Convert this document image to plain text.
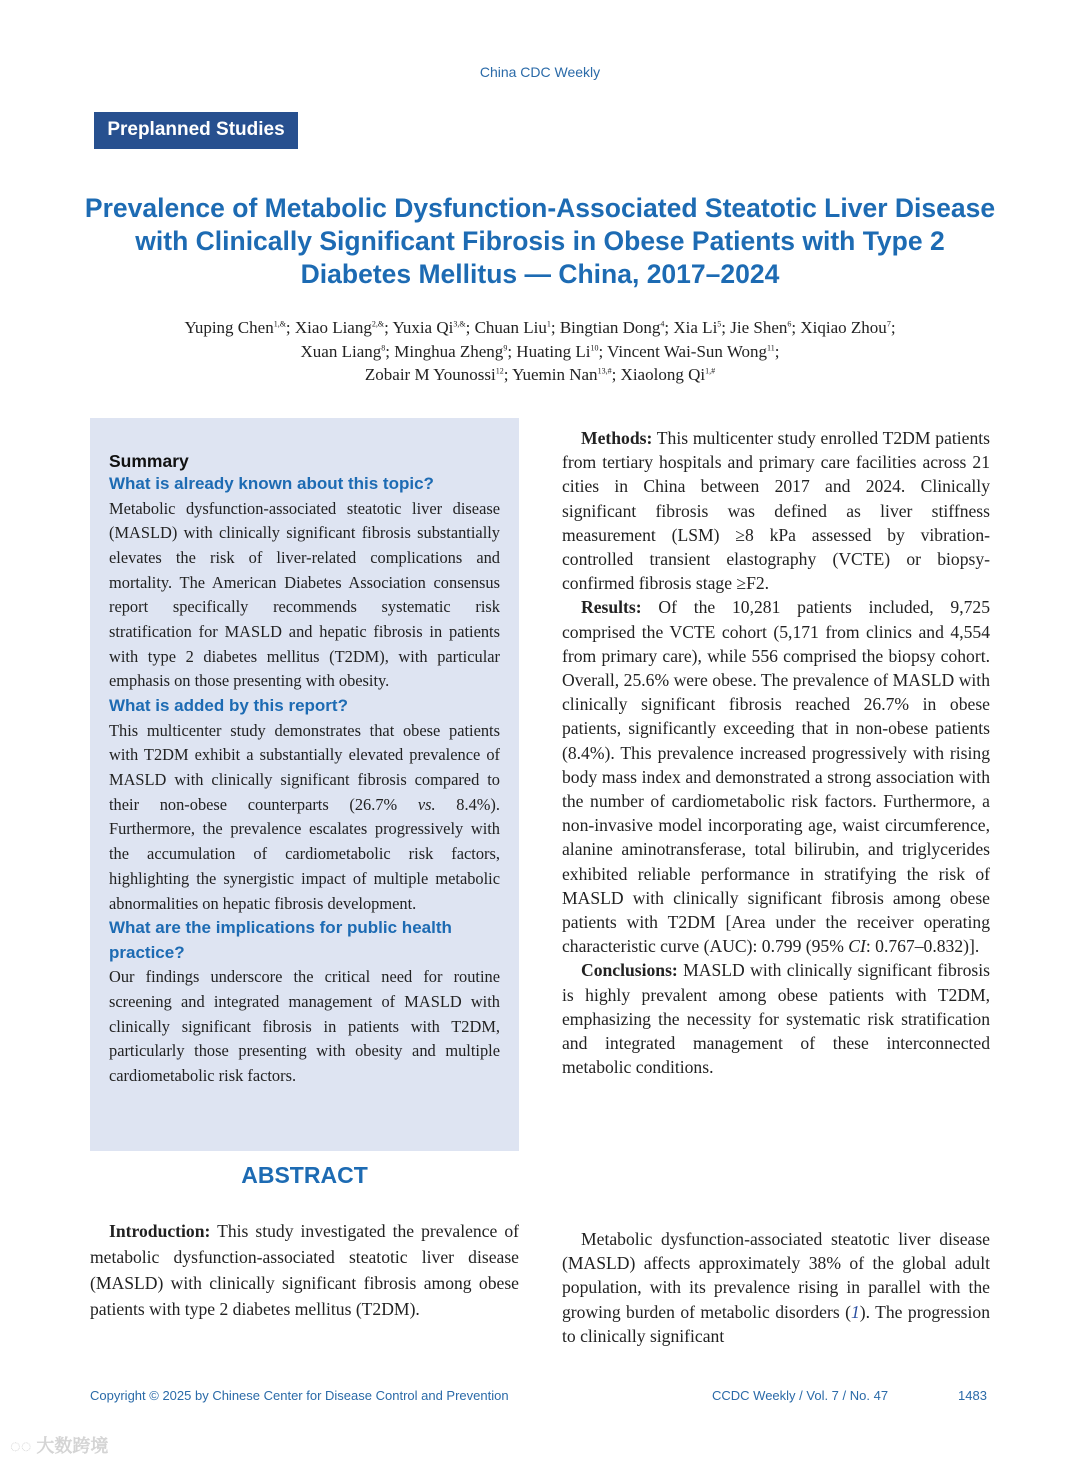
China CDC Weekly
Preplanned Studies
Prevalence of Metabolic Dysfunction-Associated Steatotic Liver Disease with Clinically Significant Fibrosis in Obese Patients with Type 2 Diabetes Mellitus — China, 2017–2024
Yuping Chen$^{1,\&}$; Xiao Liang$^{2,\&}$; Yuxia $Qi^{3,\&}$; Chuan Liu$^1$; Bingtian Dong$^4$; Xia Li$^5$; Jie Shen$^6$; Xiqiao Zhou$^7$;
Xuan Liang$^8$; Minghua Zheng$^9$; Huating Li$^{10}$; Vincent Wai-Sun Wong$^{11}$;
Zobair M Younossi$^{12}$; Yuemin Nan$^{13,\#}$; Xiaolong $Qi^{1,\#}$
Summary
What is already known about this topic?
Metabolic dysfunction-associated steatotic liver disease (MASLD) with clinically significant fibrosis substantially elevates the risk of liver-related complications and mortality. The American Diabetes Association consensus report specifically recommends systematic risk stratification for MASLD and hepatic fibrosis in patients with type 2 diabetes mellitus (T2DM), with particular emphasis on those presenting with obesity.
What is added by this report?
This multicenter study demonstrates that obese patients with T2DM exhibit a substantially elevated prevalence of MASLD with clinically significant fibrosis compared to their non-obese counterparts (26.7% vs. 8.4%). Furthermore, the prevalence escalates progressively with the accumulation of cardiometabolic risk factors, highlighting the synergistic impact of multiple metabolic abnormalities on hepatic fibrosis development.
What are the implications for public health practice?
Our findings underscore the critical need for routine screening and integrated management of MASLD with clinically significant fibrosis in patients with T2DM, particularly those presenting with obesity and multiple cardiometabolic risk factors.
ABSTRACT

Introduction: This study investigated the prevalence of metabolic dysfunction-associated steatotic liver disease (MASLD) with clinically significant fibrosis among obese patients with type 2 diabetes mellitus (T2DM).

Methods: This multicenter study enrolled T2DM patients from tertiary hospitals and primary care facilities across 21 cities in China between 2017 and 2024. Clinically significant fibrosis was defined as liver stiffness measurement (LSM) ≥8 kPa assessed by vibration-controlled transient elastography (VCTE) or biopsy-confirmed fibrosis stage ≥F2.

Results: Of the 10,281 patients included, 9,725 comprised the VCTE cohort (5,171 from clinics and 4,554 from primary care), while 556 comprised the biopsy cohort. Overall, 25.6% were obese. The prevalence of MASLD with clinically significant fibrosis reached 26.7% in obese patients, significantly exceeding that in non-obese patients (8.4%). This prevalence increased progressively with rising body mass index and demonstrated a strong association with the number of cardiometabolic risk factors. Furthermore, a non-invasive model incorporating age, waist circumference, alanine aminotransferase, total bilirubin, and triglycerides exhibited reliable performance in stratifying the risk of MASLD with clinically significant fibrosis among obese patients with T2DM [Area under the receiver operating characteristic curve (AUC): 0.799 (95% CI: 0.767–0.832)].

Conclusions: MASLD with clinically significant fibrosis is highly prevalent among obese patients with T2DM, emphasizing the necessity for systematic risk stratification and integrated management of these interconnected metabolic conditions.

Metabolic dysfunction-associated steatotic liver disease (MASLD) affects approximately 38% of the global adult population, with its prevalence rising in parallel with the growing burden of metabolic disorders (1). The progression to clinically significant

Copyright © 2025 by Chinese Center for Disease Control and Prevention	CCDC Weekly / Vol. 7 / No. 47	1483
◌◌ 大数跨境
